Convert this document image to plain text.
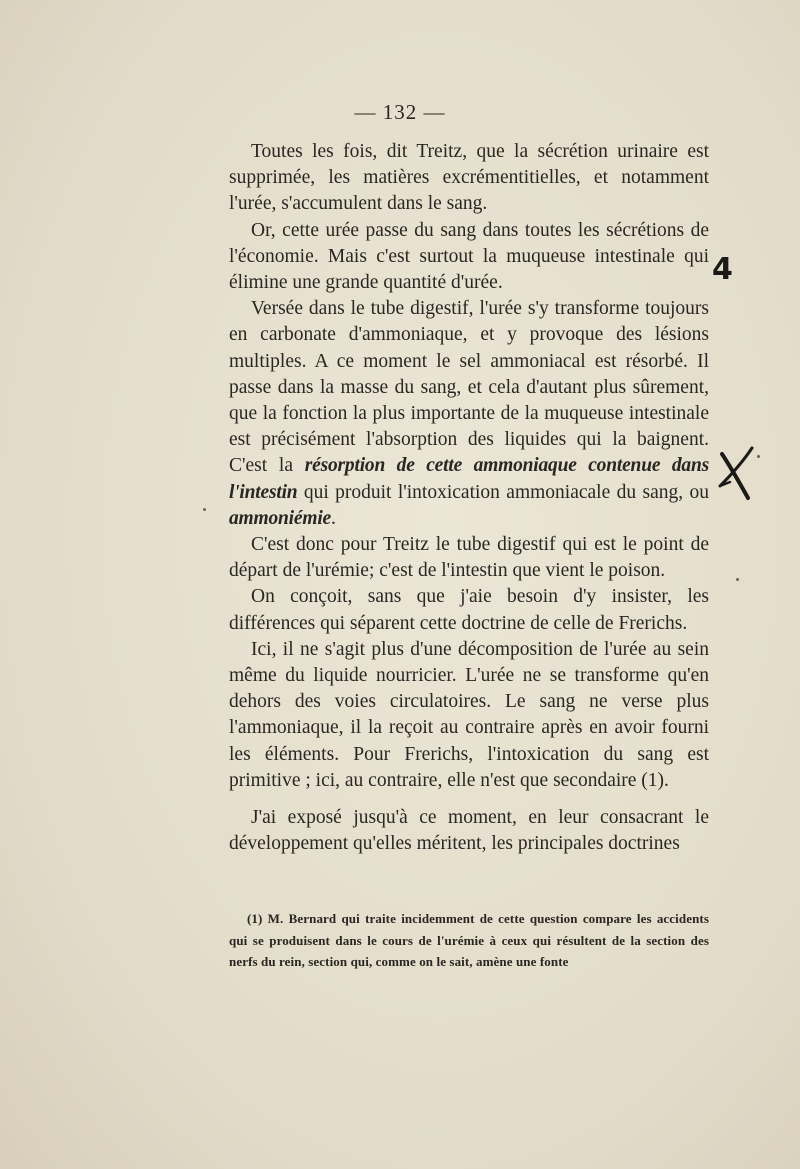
— 132 —

Toutes les fois, dit Treitz, que la sécrétion urinaire est supprimée, les matières excrémentitielles, et notamment l'urée, s'accumulent dans le sang.

Or, cette urée passe du sang dans toutes les sécrétions de l'économie. Mais c'est surtout la muqueuse intestinale qui élimine une grande quantité d'urée.

Versée dans le tube digestif, l'urée s'y transforme toujours en carbonate d'ammoniaque, et y provoque des lésions multiples. A ce moment le sel ammoniacal est résorbé. Il passe dans la masse du sang, et cela d'autant plus sûrement, que la fonction la plus importante de la muqueuse intestinale est précisément l'absorption des liquides qui la baignent. C'est la résorption de cette ammoniaque contenue dans l'intestin qui produit l'intoxication ammoniacale du sang, ou ammoniémie.

C'est donc pour Treitz le tube digestif qui est le point de départ de l'urémie; c'est de l'intestin que vient le poison.

On conçoit, sans que j'aie besoin d'y insister, les différences qui séparent cette doctrine de celle de Frerichs.

Ici, il ne s'agit plus d'une décomposition de l'urée au sein même du liquide nourricier. L'urée ne se transforme qu'en dehors des voies circulatoires. Le sang ne verse plus l'ammoniaque, il la reçoit au contraire après en avoir fourni les éléments. Pour Frerichs, l'intoxication du sang est primitive ; ici, au contraire, elle n'est que secondaire (1).

J'ai exposé jusqu'à ce moment, en leur consacrant le développement qu'elles méritent, les principales doctrines

(1) M. Bernard qui traite incidemment de cette question compare les accidents qui se produisent dans le cours de l'urémie à ceux qui résultent de la section des nerfs du rein, section qui, comme on le sait, amène une fonte

4
